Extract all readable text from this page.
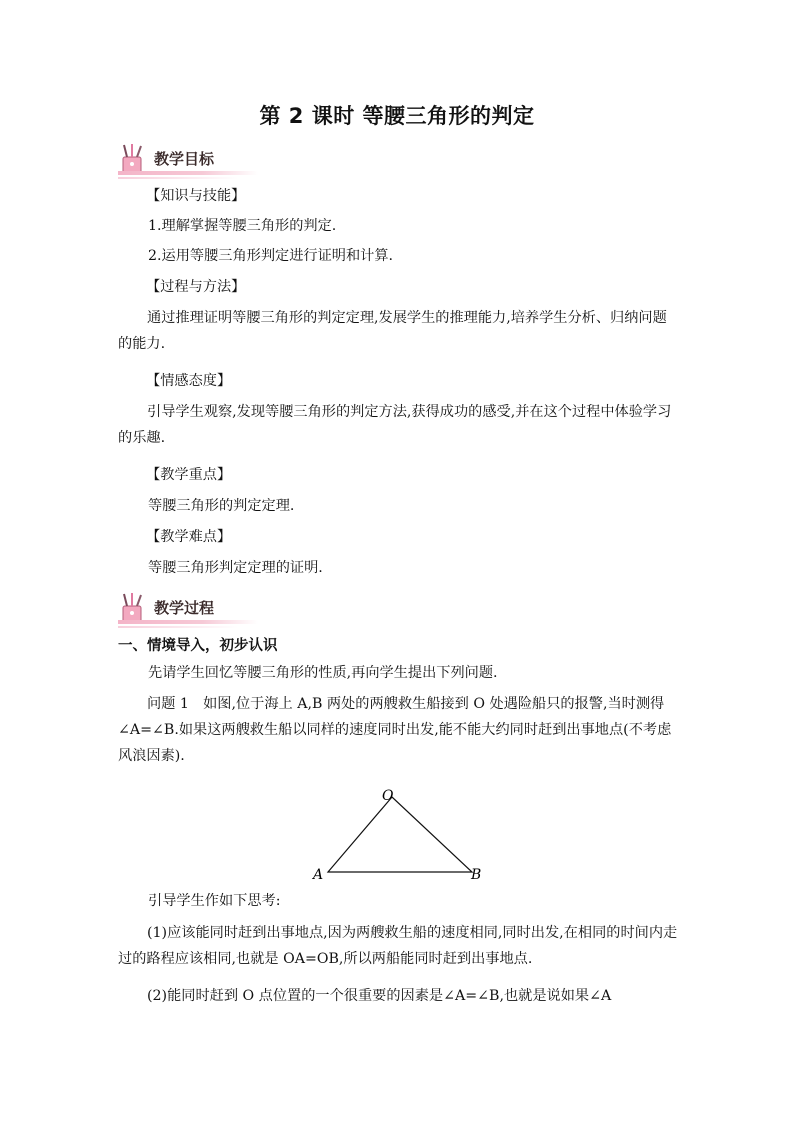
第 2 课时 等腰三角形的判定
教学目标

【知识与技能】

1.理解掌握等腰三角形的判定.

2.运用等腰三角形判定进行证明和计算.

【过程与方法】

通过推理证明等腰三角形的判定定理,发展学生的推理能力,培养学生分析、归纳问题的能力.

【情感态度】

引导学生观察,发现等腰三角形的判定方法,获得成功的感受,并在这个过程中体验学习的乐趣.

【教学重点】

等腰三角形的判定定理.

【教学难点】

等腰三角形判定定理的证明.

教学过程
一、情境导入，初步认识

先请学生回忆等腰三角形的性质,再向学生提出下列问题.

问题 1　如图,位于海上 A,B 两处的两艘救生船接到 O 处遇险船只的报警,当时测得∠A=∠B.如果这两艘救生船以同样的速度同时出发,能不能大约同时赶到出事地点(不考虑风浪因素).

O
A	B

引导学生作如下思考:

(1)应该能同时赶到出事地点,因为两艘救生船的速度相同,同时出发,在相同的时间内走过的路程应该相同,也就是 OA=OB,所以两船能同时赶到出事地点.

(2)能同时赶到 O 点位置的一个很重要的因素是∠A=∠B,也就是说如果∠A
